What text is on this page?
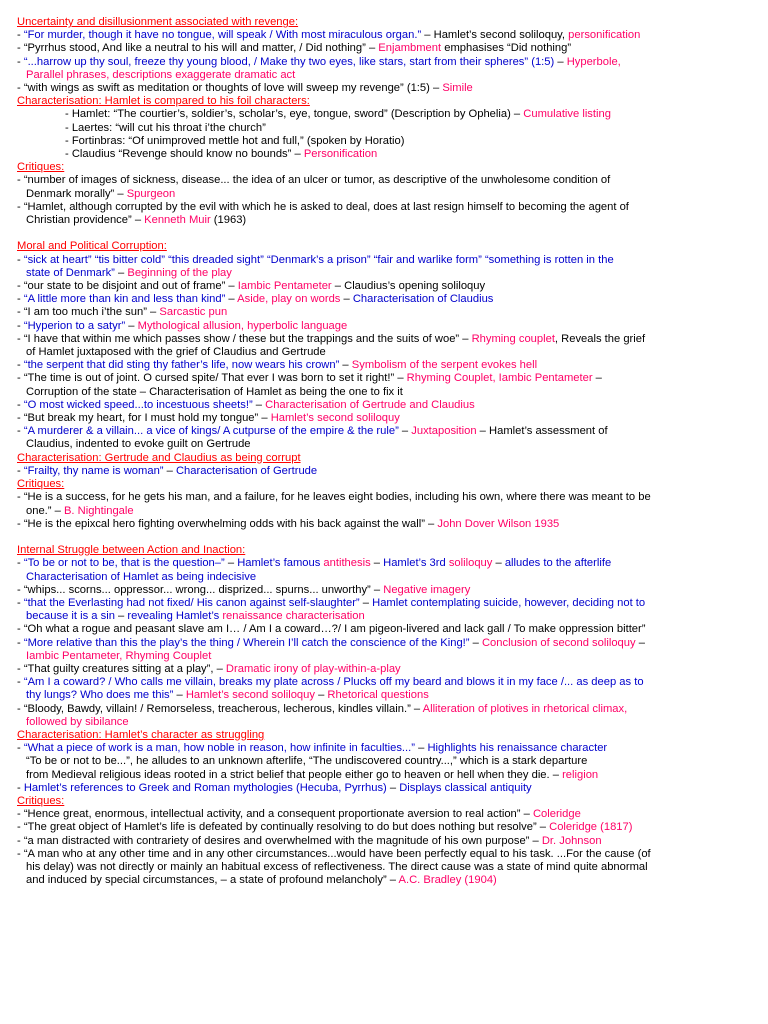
Uncertainty and disillusionment associated with revenge:
- “For murder, though it have no tongue, will speak / With most miraculous organ.” – Hamlet’s second soliloquy, personification
- “Pyrrhus stood, And like a neutral to his will and matter, / Did nothing” – Enjambment emphasises “Did nothing”
- “...harrow up thy soul, freeze thy young blood, / Make thy two eyes, like stars, start from their spheres” (1:5) – Hyperbole,
Parallel phrases, descriptions exaggerate dramatic act
- “with wings as swift as meditation or thoughts of love will sweep my revenge” (1:5) – Simile
Characterisation: Hamlet is compared to his foil characters:
- Hamlet: “The courtier’s, soldier’s, scholar’s, eye, tongue, sword” (Description by Ophelia) – Cumulative listing
- Laertes: “will cut his throat i’the church”
- Fortinbras: “Of unimproved mettle hot and full,” (spoken by Horatio)
- Claudius “Revenge should know no bounds” – Personification
Critiques:
- “number of images of sickness, disease... the idea of an ulcer or tumor, as descriptive of the unwholesome condition of
Denmark morally” – Spurgeon
- “Hamlet, although corrupted by the evil with which he is asked to deal, does at last resign himself to becoming the agent of
Christian providence” – Kenneth Muir (1963)
Moral and Political Corruption:
- “sick at heart” “tis bitter cold” “this dreaded sight” “Denmark’s a prison” “fair and warlike form” “something is rotten in the
state of Denmark” – Beginning of the play
- “our state to be disjoint and out of frame” – Iambic Pentameter – Claudius’s opening soliloquy
- “A little more than kin and less than kind” – Aside, play on words – Characterisation of Claudius
- “I am too much i’the sun” – Sarcastic pun
- “Hyperion to a satyr” – Mythological allusion, hyperbolic language
- “I have that within me which passes show / these but the trappings and the suits of woe” – Rhyming couplet, Reveals the grief
of Hamlet juxtaposed with the grief of Claudius and Gertrude
- “the serpent that did sting thy father’s life, now wears his crown” – Symbolism of the serpent evokes hell
- “The time is out of joint. O cursed spite/ That ever I was born to set it right!” – Rhyming Couplet, Iambic Pentameter –
Corruption of the state – Characterisation of Hamlet as being the one to fix it
- “O most wicked speed...to incestuous sheets!” – Characterisation of Gertrude and Claudius
- “But break my heart, for I must hold my tongue” – Hamlet’s second soliloquy
- “A murderer & a villain... a vice of kings/ A cutpurse of the empire & the rule” – Juxtaposition – Hamlet’s assessment of
Claudius, indented to evoke guilt on Gertrude
Characterisation: Gertrude and Claudius as being corrupt
- “Frailty, thy name is woman” – Characterisation of Gertrude
Critiques:
- “He is a success, for he gets his man, and a failure, for he leaves eight bodies, including his own, where there was meant to be
one.” – B. Nightingale
- “He is the epixcal hero fighting overwhelming odds with his back against the wall” – John Dover Wilson 1935
Internal Struggle between Action and Inaction:
- “To be or not to be, that is the question–” – Hamlet’s famous antithesis – Hamlet’s 3rd soliloquy – alludes to the afterlife
Characterisation of Hamlet as being indecisive
- “whips... scorns... oppressor... wrong... disprized... spurns... unworthy” – Negative imagery
- “that the Everlasting had not fixed/ His canon against self-slaughter” – Hamlet contemplating suicide, however, deciding not to
because it is a sin – revealing Hamlet’s renaissance characterisation
- “Oh what a rogue and peasant slave am I… / Am I a coward…?/ I am pigeon-livered and lack gall / To make oppression bitter”
- “More relative than this the play’s the thing / Wherein I’ll catch the conscience of the King!” – Conclusion of second soliloquy –
Iambic Pentameter, Rhyming Couplet
- “That guilty creatures sitting at a play”, – Dramatic irony of play-within-a-play
- “Am I a coward? / Who calls me villain, breaks my plate across / Plucks off my beard and blows it in my face /... as deep as to
thy lungs? Who does me this” – Hamlet’s second soliloquy – Rhetorical questions
- “Bloody, Bawdy, villain! / Remorseless, treacherous, lecherous, kindles villain.” – Alliteration of plotives in rhetorical climax,
followed by sibilance
Characterisation: Hamlet’s character as struggling
- “What a piece of work is a man, how noble in reason, how infinite in faculties...” – Highlights his renaissance character
“To be or not to be...”, he alludes to an unknown afterlife, “The undiscovered country...,” which is a stark departure
from Medieval religious ideas rooted in a strict belief that people either go to heaven or hell when they die. – religion
- Hamlet’s references to Greek and Roman mythologies (Hecuba, Pyrrhus) – Displays classical antiquity
Critiques:
- “Hence great, enormous, intellectual activity, and a consequent proportionate aversion to real action” – Coleridge
- “The great object of Hamlet’s life is defeated by continually resolving to do but does nothing but resolve” – Coleridge (1817)
- “a man distracted with contrariety of desires and overwhelmed with the magnitude of his own purpose” – Dr. Johnson
- “A man who at any other time and in any other circumstances...would have been perfectly equal to his task. ...For the cause (of
his delay) was not directly or mainly an habitual excess of reflectiveness. The direct cause was a state of mind quite abnormal
and induced by special circumstances, – a state of profound melancholy” – A.C. Bradley (1904)
